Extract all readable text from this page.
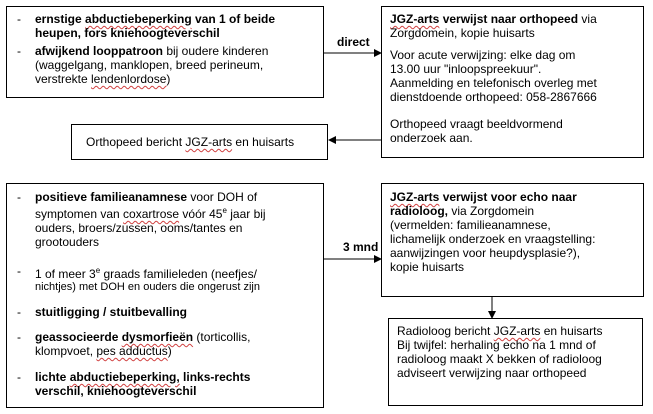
- ernstige abductiebeperking van 1 of beide

heupen, fors kniehoogteverschil

- afwijkend looppatroon bij oudere kinderen

(waggelgang, manklopen, breed perineum,

verstrekte lendenlordose)

direct

JGZ-arts verwijst naar orthopeed via

Zorgdomein, kopie huisarts

Voor acute verwijzing: elke dag om

13.00 uur "inloopspreekuur".

Aanmelding en telefonisch overleg met

dienstdoende orthopeed: 058-2867666

Orthopeed vraagt beeldvormend

onderzoek aan.

Orthopeed bericht JGZ-arts en huisarts

- positieve familieanamnese voor DOH of

symptomen van coxartrose vóór 45e jaar bij

ouders, broers/zussen, ooms/tantes en

grootouders

- 1 of meer 3e graads familieleden (neefjes/

nichtjes) met DOH en ouders die ongerust zijn

- stuitligging / stuitbevalling

- geassocieerde dysmorfieën (torticollis,

klompvoet, pes adductus)

- lichte abductiebeperking, links-rechts

verschil, kniehoogteverschil

3 mnd

JGZ-arts verwijst voor echo naar

radioloog, via Zorgdomein

(vermelden: familieanamnese,

lichamelijk onderzoek en vraagstelling:

aanwijzingen voor heupdysplasie?),

kopie huisarts

Radioloog bericht JGZ-arts en huisarts

Bij twijfel: herhaling echo na 1 mnd of

radioloog maakt X bekken of radioloog

adviseert verwijzing naar orthopeed
